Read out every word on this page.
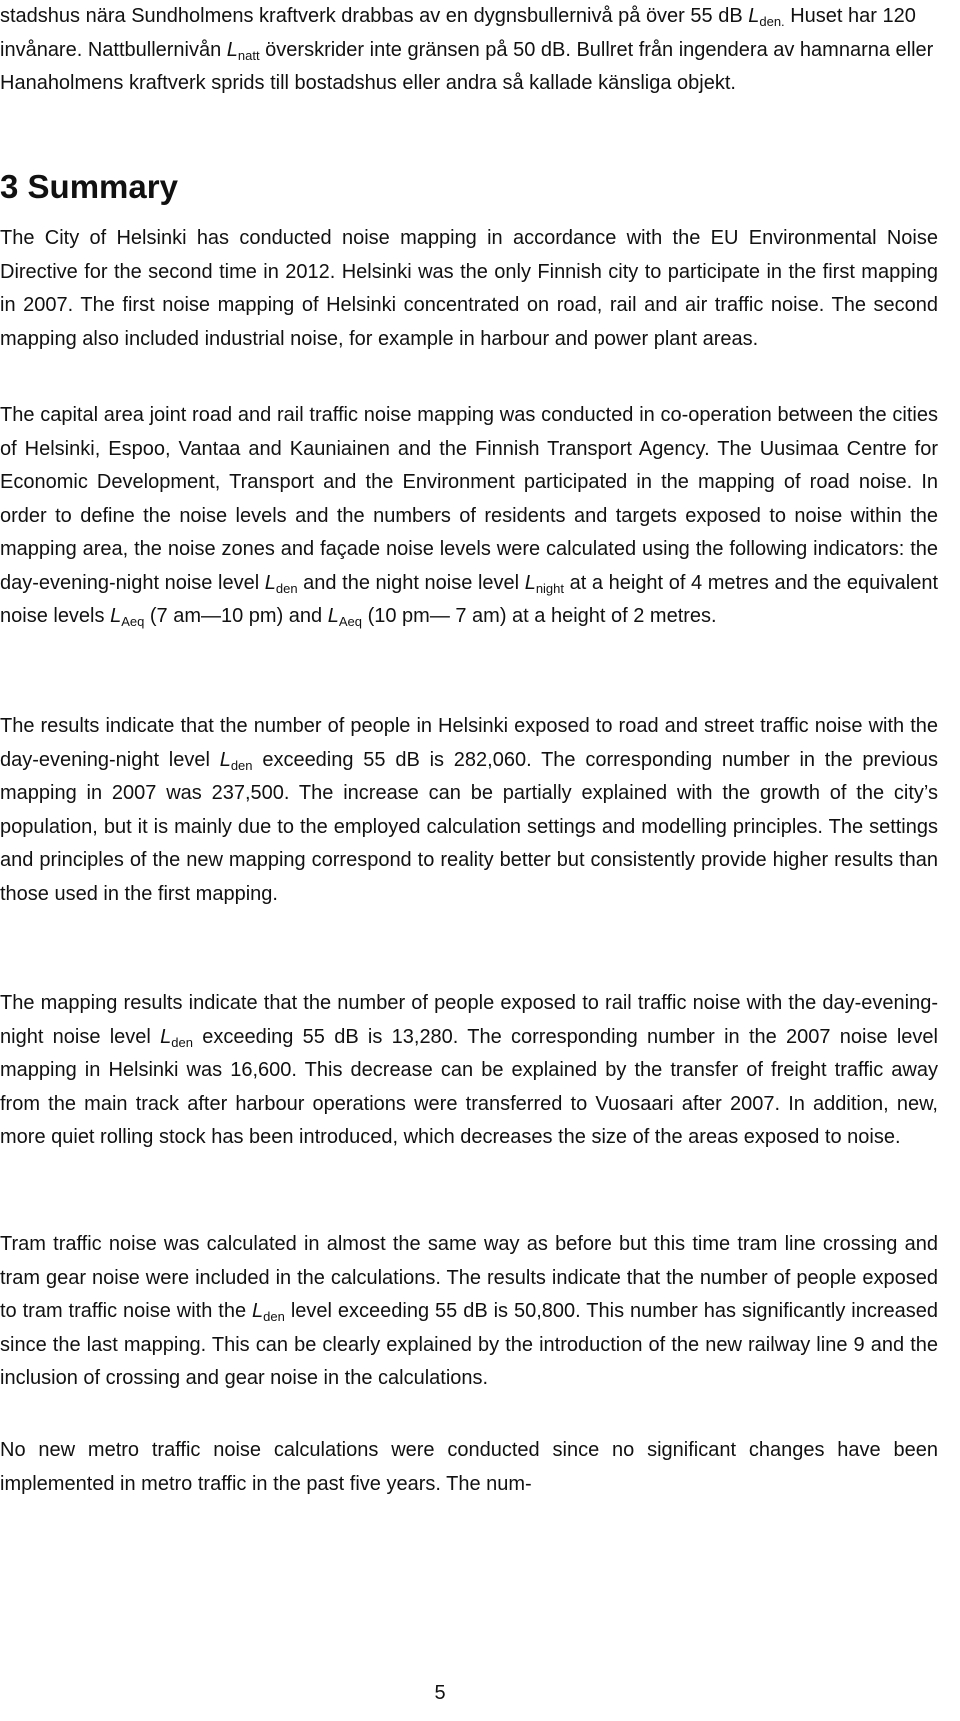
stadshus nära Sundholmens kraftverk drabbas av en dygnsbullernivå på över 55 dB $L_{den.}$ Huset har 120 invånare. Nattbullernivån $L_{natt}$ överskrider inte gränsen på 50 dB. Bullret från ingendera av hamnarna eller Hanaholmens kraftverk sprids till bostadshus eller andra så kallade känsliga objekt.

3 Summary

The City of Helsinki has conducted noise mapping in accordance with the EU Environmental Noise Directive for the second time in 2012. Helsinki was the only Finnish city to participate in the first mapping in 2007. The first noise mapping of Helsinki concentrated on road, rail and air traffic noise. The second mapping also included industrial noise, for example in harbour and power plant areas.

The capital area joint road and rail traffic noise mapping was conducted in co-operation between the cities of Helsinki, Espoo, Vantaa and Kauniainen and the Finnish Transport Agency. The Uusimaa Centre for Economic Development, Transport and the Environment participated in the mapping of road noise. In order to define the noise levels and the numbers of residents and targets exposed to noise within the mapping area, the noise zones and façade noise levels were calculated using the following indicators: the day-evening-night noise level $L_{den}$ and the night noise level $L_{night}$ at a height of 4 metres and the equivalent noise levels $L_{Aeq}$ (7 am—10 pm) and $L_{Aeq}$ (10 pm— 7 am) at a height of 2 metres.

The results indicate that the number of people in Helsinki exposed to road and street traffic noise with the day-evening-night level $L_{den}$ exceeding 55 dB is 282,060. The corresponding number in the previous mapping in 2007 was 237,500. The increase can be partially explained with the growth of the city’s population, but it is mainly due to the employed calculation settings and modelling principles. The settings and principles of the new mapping correspond to reality better but consistently provide higher results than those used in the first mapping.

The mapping results indicate that the number of people exposed to rail traffic noise with the day-evening-night noise level $L_{den}$ exceeding 55 dB is 13,280. The corresponding number in the 2007 noise level mapping in Helsinki was 16,600. This decrease can be explained by the transfer of freight traffic away from the main track after harbour operations were transferred to Vuosaari after 2007. In addition, new, more quiet rolling stock has been introduced, which decreases the size of the areas exposed to noise.

Tram traffic noise was calculated in almost the same way as before but this time tram line crossing and tram gear noise were included in the calculations. The results indicate that the number of people exposed to tram traffic noise with the $L_{den}$ level exceeding 55 dB is 50,800. This number has significantly increased since the last mapping. This can be clearly explained by the introduction of the new railway line 9 and the inclusion of crossing and gear noise in the calculations.

No new metro traffic noise calculations were conducted since no significant changes have been implemented in metro traffic in the past five years. The num-

5
